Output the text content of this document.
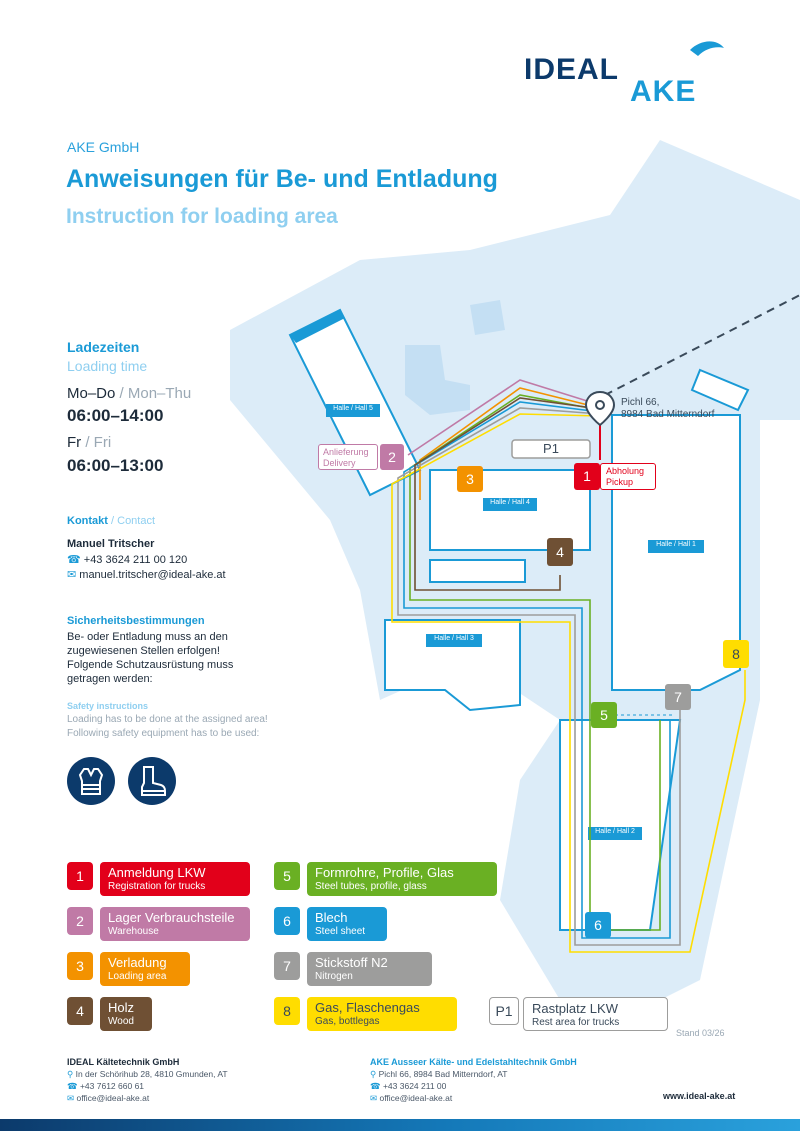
Pichl 66,
8984 Bad Mitterndorf
Halle / Hall 5
Halle / Hall 4
Halle / Hall 1
Halle / Hall 3
Halle / Hall 2
P1
Anlieferung
Delivery	2
1	Abholung
Pickup
3
4
5
7
8
6
IDEAL
AKE
AKE GmbH
Anweisungen für Be- und Entladung
Instruction for loading area
Ladezeiten
Loading time
Mo–Do / Mon–Thu
06:00–14:00
Fr / Fri
06:00–13:00
Kontakt / Contact
Manuel Tritscher
☎ +43 3624 211 00 120
✉ manuel.tritscher@ideal-ake.at
Sicherheitsbestimmungen
Be- oder Entladung muss an den
zugewiesenen Stellen erfolgen!
Folgende Schutzausrüstung muss
getragen werden:
Safety instructions
Loading has to be done at the assigned area!
Following safety equipment has to be used:
1	Anmeldung LKW
Registration for trucks
2	Lager Verbrauchsteile
Warehouse
3	Verladung
Loading area
4	Holz
Wood
5	Formrohre, Profile, Glas
Steel tubes, profile, glass
6	Blech
Steel sheet
7	Stickstoff N2
Nitrogen
8	Gas, Flaschengas
Gas, bottlegas
P1	Rastplatz LKW
Rest area for trucks
Stand 03/26
IDEAL Kältetechnik GmbH
⚲ In der Schörihub 28, 4810 Gmunden, AT
☎ +43 7612 660 61
✉ office@ideal-ake.at
AKE Ausseer Kälte- und Edelstahltechnik GmbH
⚲ Pichl 66, 8984 Bad Mitterndorf, AT
☎ +43 3624 211 00
✉ office@ideal-ake.at	www.ideal-ake.at
